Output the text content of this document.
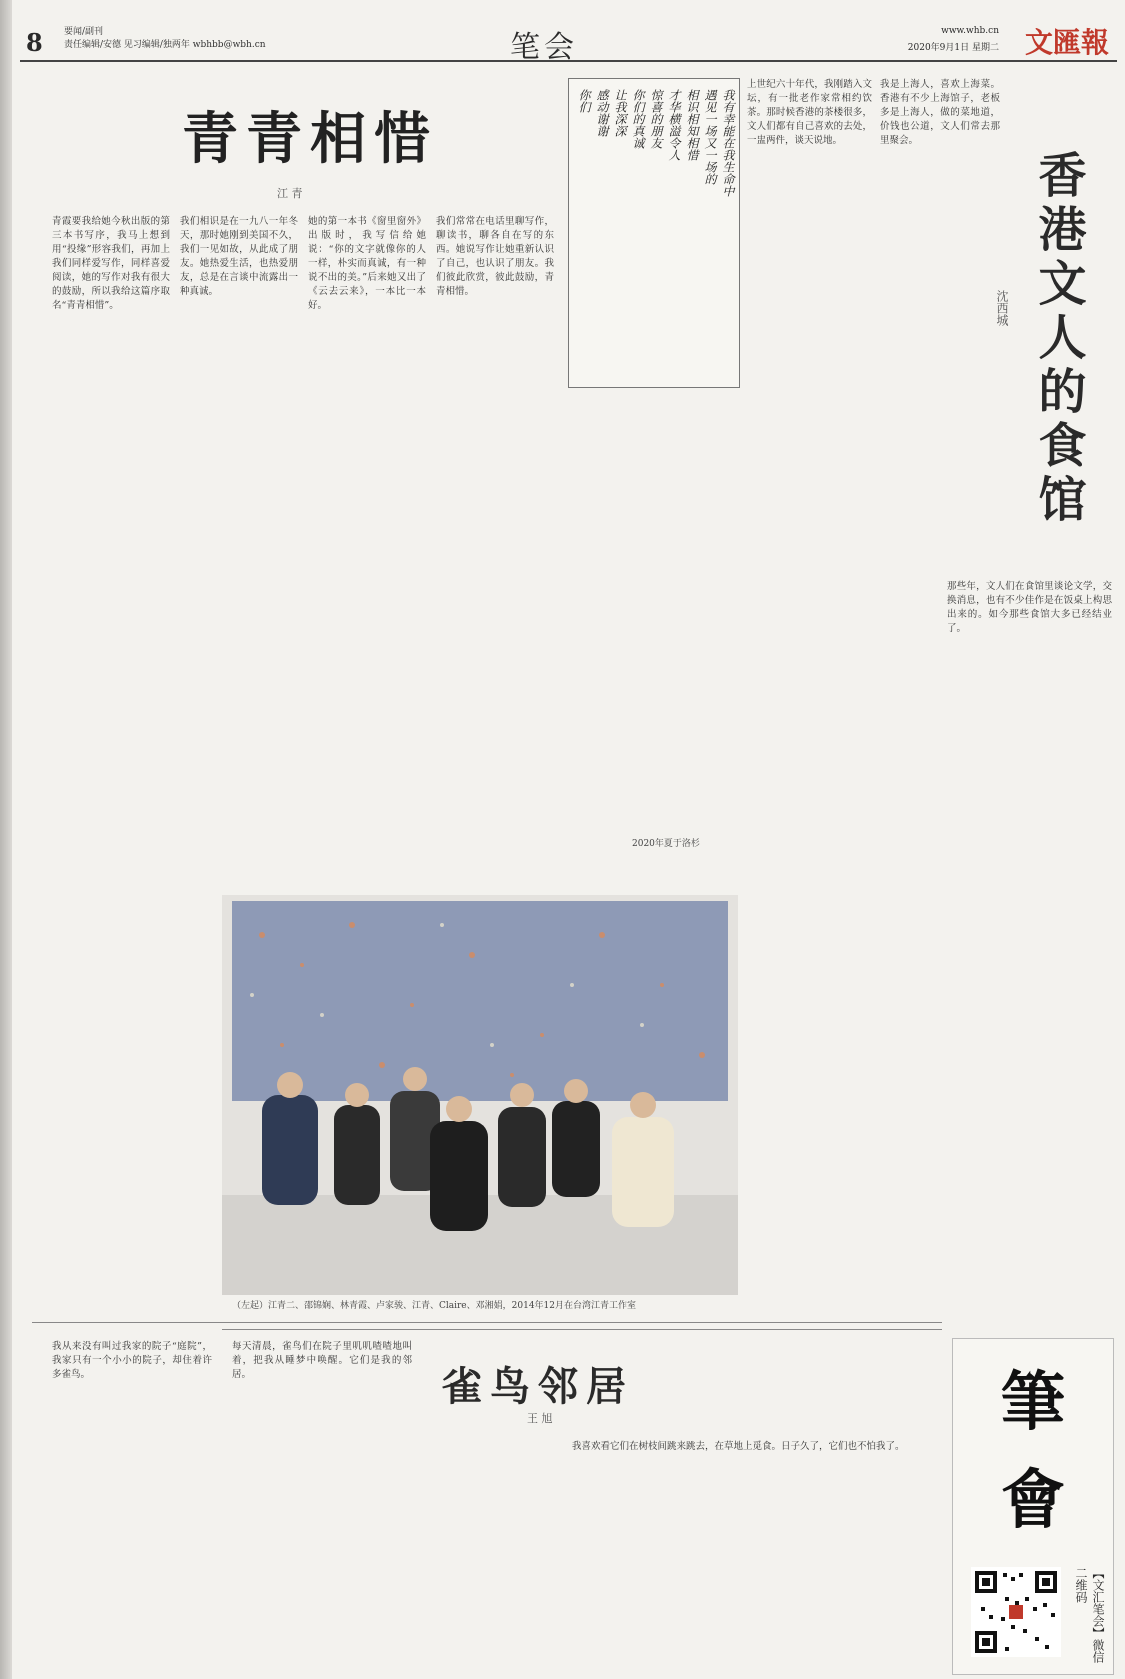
8 要闻/副刊
责任编辑/安德 见习编辑/独两年 wbhbb@wbh.cn	笔会	www.whb.cn
2020年9月1日 星期二 文匯報
青青相惜
江 青
青霞要我给她今秋出版的第三本书写序，我马上想到用“投缘”形容我们，再加上我们同样爱写作，同样喜爱阅读，她的写作对我有很大的鼓励，所以我给这篇序取名“青青相惜”。
我们相识是在一九八一年冬天，那时她刚到美国不久，我们一见如故，从此成了朋友。她热爱生活，也热爱朋友，总是在言谈中流露出一种真诚。
她的第一本书《窗里窗外》出版时，我写信给她说：“你的文字就像你的人一样，朴实而真诚，有一种说不出的美。”后来她又出了《云去云来》，一本比一本好。
我们常常在电话里聊写作，聊读书，聊各自在写的东西。她说写作让她重新认识了自己，也认识了朋友。我们彼此欣赏，彼此鼓励，青青相惜。
我有幸能在我生命中
遇见一场又一场的
相识相知相惜
才华横溢令人
惊喜的朋友
你们的真诚
让我深深
感动谢谢
你们
2020年夏于洛杉
（左起）江青二、邵锦娴、林青霞、卢家骏、江青、Claire、邓湘娟，2014年12月在台湾江青工作室
香港文人的食馆
沈西城
上世纪六十年代，我刚踏入文坛，有一批老作家常相约饮茶。那时候香港的茶楼很多，文人们都有自己喜欢的去处，一盅两件，谈天说地。
我是上海人，喜欢上海菜。香港有不少上海馆子，老板多是上海人，做的菜地道，价钱也公道，文人们常去那里聚会。
那些年，文人们在食馆里谈论文学，交换消息，也有不少佳作是在饭桌上构思出来的。如今那些食馆大多已经结业了。
雀鸟邻居
王 旭
我从来没有叫过我家的院子“庭院”，我家只有一个小小的院子，却住着许多雀鸟。
每天清晨，雀鸟们在院子里叽叽喳喳地叫着，把我从睡梦中唤醒。它们是我的邻居。
我喜欢看它们在树枝间跳来跳去，在草地上觅食。日子久了，它们也不怕我了。
筆
會
【文汇笔会】微信二维码
